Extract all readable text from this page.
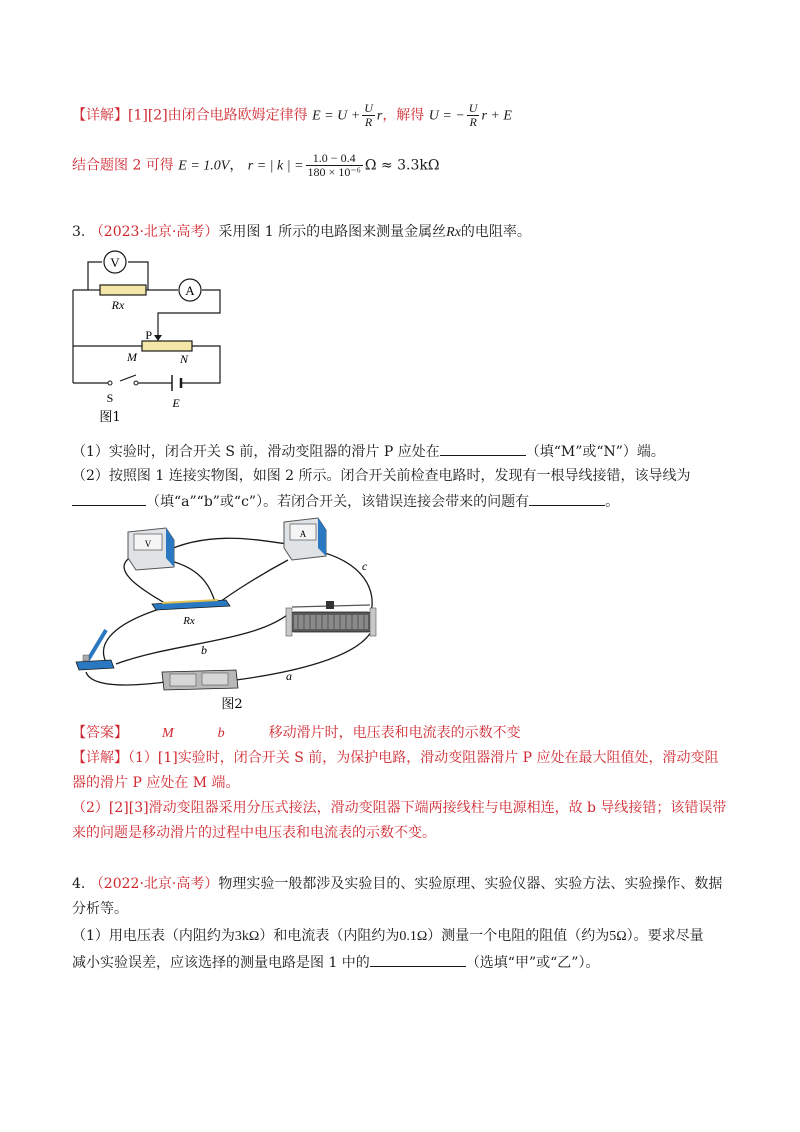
【详解】[1][2]由闭合电路欧姆定律得 $E = U + \frac{U}{R}$ r，解得 U = − $\frac{U}{R}$ r + E
结合题图 2 可得 E = 1.0V， r = | k | = $\frac{1.0 - 0.4}{\text{180 × 10⁻⁶}}$ Ω ≈ 3.3kΩ
3. （2023·北京·高考）采用图 1 所示的电路图来测量金属丝Rx的电阻率。
V
Rx
A
P
M	N
S	E
图1
（1）实验时，闭合开关 S 前，滑动变阻器的滑片 P 应处在	（填“M”或“N”）端。
（2）按照图 1 连接实物图，如图 2 所示。闭合开关前检查电路时，发现有一根导线接错，该导线为
（填“a”“b”或“c”）。若闭合开关，该错误连接会带来的问题有	。
V
A
Rx
c
b
a
图2
【答案】 M	b	移动滑片时，电压表和电流表的示数不变
【详解】（1）[1]实验时，闭合开关 S 前，为保护电路，滑动变阻器滑片 P 应处在最大阻值处，滑动变阻
器的滑片 P 应处在 M 端。
（2）[2][3]滑动变阻器采用分压式接法，滑动变阻器下端两接线柱与电源相连，故 b 导线接错；该错误带
来的问题是移动滑片的过程中电压表和电流表的示数不变。
4. （2022·北京·高考）物理实验一般都涉及实验目的、实验原理、实验仪器、实验方法、实验操作、数据
分析等。
（1）用电压表（内阻约为3kΩ）和电流表（内阻约为0.1Ω）测量一个电阻的阻值（约为5Ω）。要求尽量
减小实验误差，应该选择的测量电路是图 1 中的	（选填“甲”或“乙”）。
